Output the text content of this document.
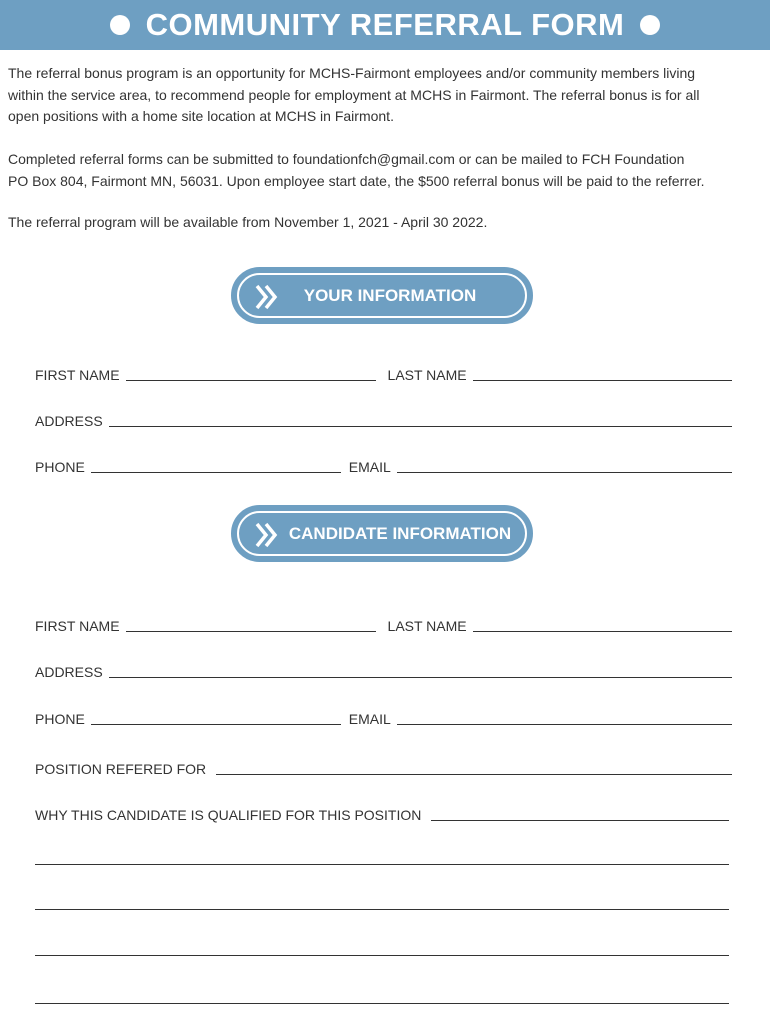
COMMUNITY REFERRAL FORM

The referral bonus program is an opportunity for MCHS-Fairmont employees and/or community members living
within the service area, to recommend people for employment at MCHS in Fairmont. The referral bonus is for all
open positions with a home site location at MCHS in Fairmont.

Completed referral forms can be submitted to foundationfch@gmail.com or can be mailed to FCH Foundation
PO Box 804, Fairmont MN, 56031. Upon employee start date, the $500 referral bonus will be paid to the referrer.

The referral program will be available from November 1, 2021 - April 30 2022.

YOUR INFORMATION
FIRST NAME	LAST NAME
ADDRESS
PHONE	EMAIL
CANDIDATE INFORMATION
FIRST NAME	LAST NAME
ADDRESS
PHONE	EMAIL
POSITION REFERED FOR
WHY THIS CANDIDATE IS QUALIFIED FOR THIS POSITION
